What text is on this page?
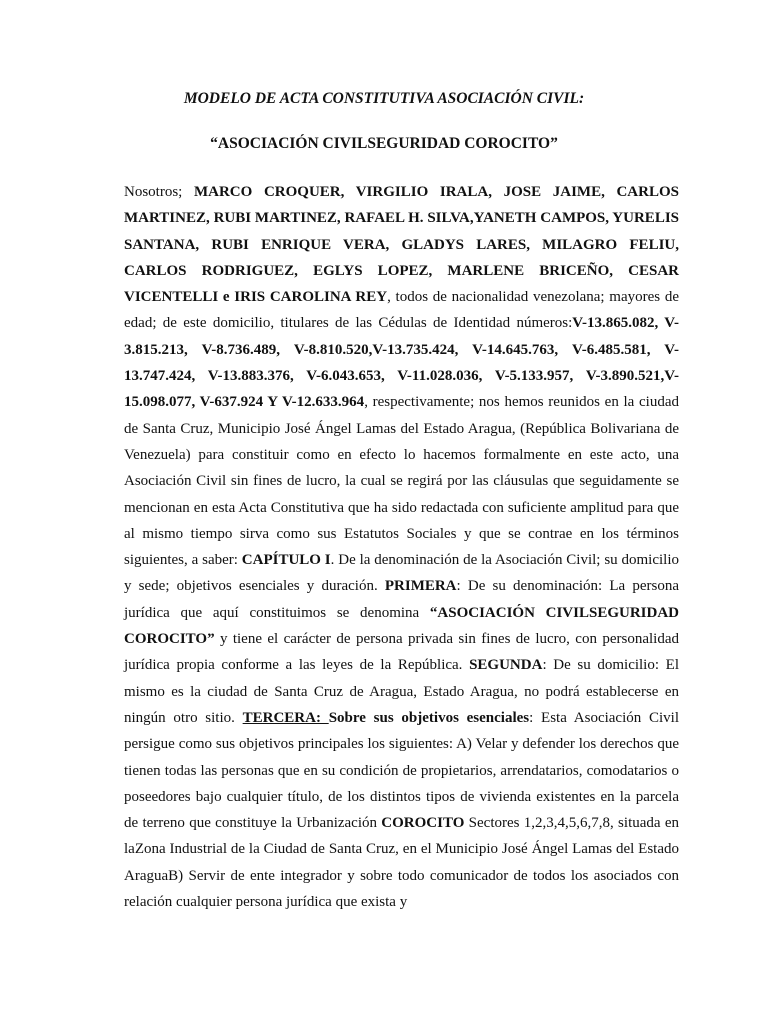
MODELO DE ACTA CONSTITUTIVA ASOCIACIÓN CIVIL:

“ASOCIACIÓN CIVILSEGURIDAD COROCITO”

Nosotros; MARCO CROQUER, VIRGILIO IRALA, JOSE JAIME, CARLOS MARTINEZ, RUBI MARTINEZ, RAFAEL H. SILVA,YANETH CAMPOS, YURELIS SANTANA, RUBI ENRIQUE VERA, GLADYS LARES, MILAGRO FELIU, CARLOS RODRIGUEZ, EGLYS LOPEZ, MARLENE BRICEÑO, CESAR VICENTELLI e IRIS CAROLINA REY, todos de nacionalidad venezolana; mayores de edad; de este domicilio, titulares de las Cédulas de Identidad números:V-13.865.082, V-3.815.213, V-8.736.489, V-8.810.520,V-13.735.424, V-14.645.763, V-6.485.581, V-13.747.424, V-13.883.376, V-6.043.653, V-11.028.036, V-5.133.957, V-3.890.521,V-15.098.077, V-637.924 Y V-12.633.964, respectivamente; nos hemos reunidos en la ciudad de Santa Cruz, Municipio José Ángel Lamas del Estado Aragua, (República Bolivariana de Venezuela) para constituir como en efecto lo hacemos formalmente en este acto, una Asociación Civil sin fines de lucro, la cual se regirá por las cláusulas que seguidamente se mencionan en esta Acta Constitutiva que ha sido redactada con suficiente amplitud para que al mismo tiempo sirva como sus Estatutos Sociales y que se contrae en los términos siguientes, a saber: CAPÍTULO I. De la denominación de la Asociación Civil; su domicilio y sede; objetivos esenciales y duración. PRIMERA: De su denominación: La persona jurídica que aquí constituimos se denomina “ASOCIACIÓN CIVILSEGURIDAD COROCITO” y tiene el carácter de persona privada sin fines de lucro, con personalidad jurídica propia conforme a las leyes de la República. SEGUNDA: De su domicilio: El mismo es la ciudad de Santa Cruz de Aragua, Estado Aragua, no podrá establecerse en ningún otro sitio. TERCERA: Sobre sus objetivos esenciales: Esta Asociación Civil persigue como sus objetivos principales los siguientes: A) Velar y defender los derechos que tienen todas las personas que en su condición de propietarios, arrendatarios, comodatarios o poseedores bajo cualquier título, de los distintos tipos de vivienda existentes en la parcela de terreno que constituye la Urbanización COROCITO Sectores 1,2,3,4,5,6,7,8, situada en laZona Industrial de la Ciudad de Santa Cruz, en el Municipio José Ángel Lamas del Estado AraguaB) Servir de ente integrador y sobre todo comunicador de todos los asociados con relación cualquier persona jurídica que exista y
